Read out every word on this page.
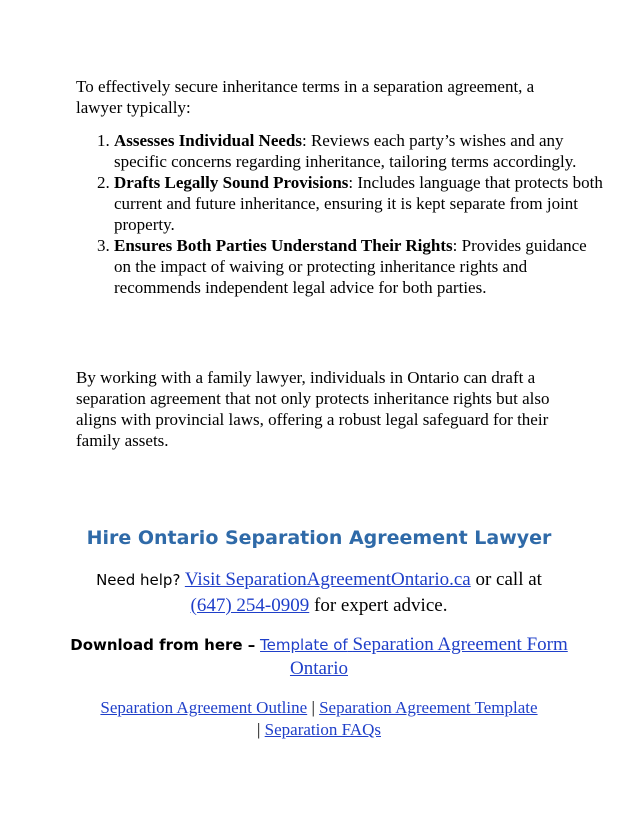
To effectively secure inheritance terms in a separation agreement, a lawyer typically:

1. Assesses Individual Needs: Reviews each party’s wishes and any specific concerns regarding inheritance, tailoring terms accordingly.
2. Drafts Legally Sound Provisions: Includes language that protects both current and future inheritance, ensuring it is kept separate from joint property.
3. Ensures Both Parties Understand Their Rights: Provides guidance on the impact of waiving or protecting inheritance rights and recommends independent legal advice for both parties.

By working with a family lawyer, individuals in Ontario can draft a separation agreement that not only protects inheritance rights but also aligns with provincial laws, offering a robust legal safeguard for their family assets.

Hire Ontario Separation Agreement Lawyer

Need help? Visit SeparationAgreementOntario.ca or call at
(647) 254-0909 for expert advice.

Download from here – Template of Separation Agreement Form Ontario

Separation Agreement Outline | Separation Agreement Template
| Separation FAQs
